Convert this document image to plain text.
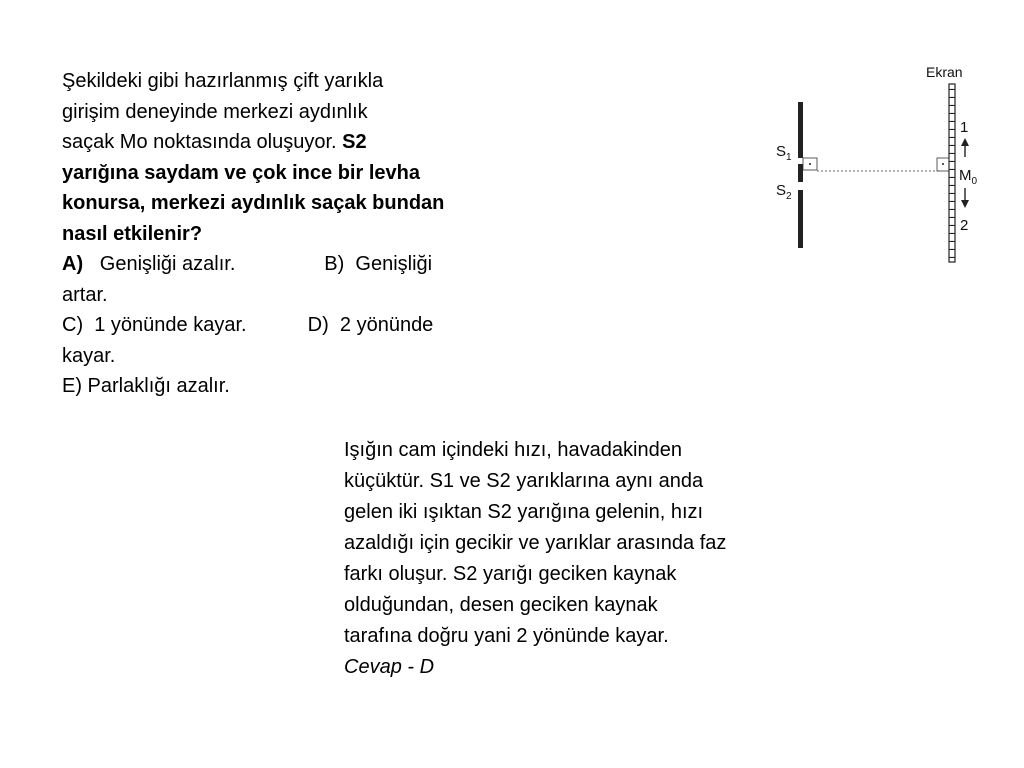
Şekildeki gibi hazırlanmış çift yarıkla

girişim deneyinde merkezi aydınlık

saçak Mo noktasında oluşuyor. S2

yarığına saydam ve çok ince bir levha

konursa, merkezi aydınlık saçak bundan

nasıl etkilenir?

A)   Genişliği azalır.                B)  Genişliği

artar.

C)  1 yönünde kayar.           D)  2 yönünde

kayar.

E) Parlaklığı azalır.

Ekran
$S_1$
$S_2$
1
$M_0$
2

Işığın cam içindeki hızı, havadakinden

küçüktür. S1 ve S2 yarıklarına aynı anda

gelen iki ışıktan S2 yarığına gelenin, hızı

azaldığı için gecikir ve yarıklar arasında faz

farkı oluşur. S2 yarığı geciken kaynak

olduğundan, desen geciken kaynak

tarafına doğru yani 2 yönünde kayar.

Cevap - D
